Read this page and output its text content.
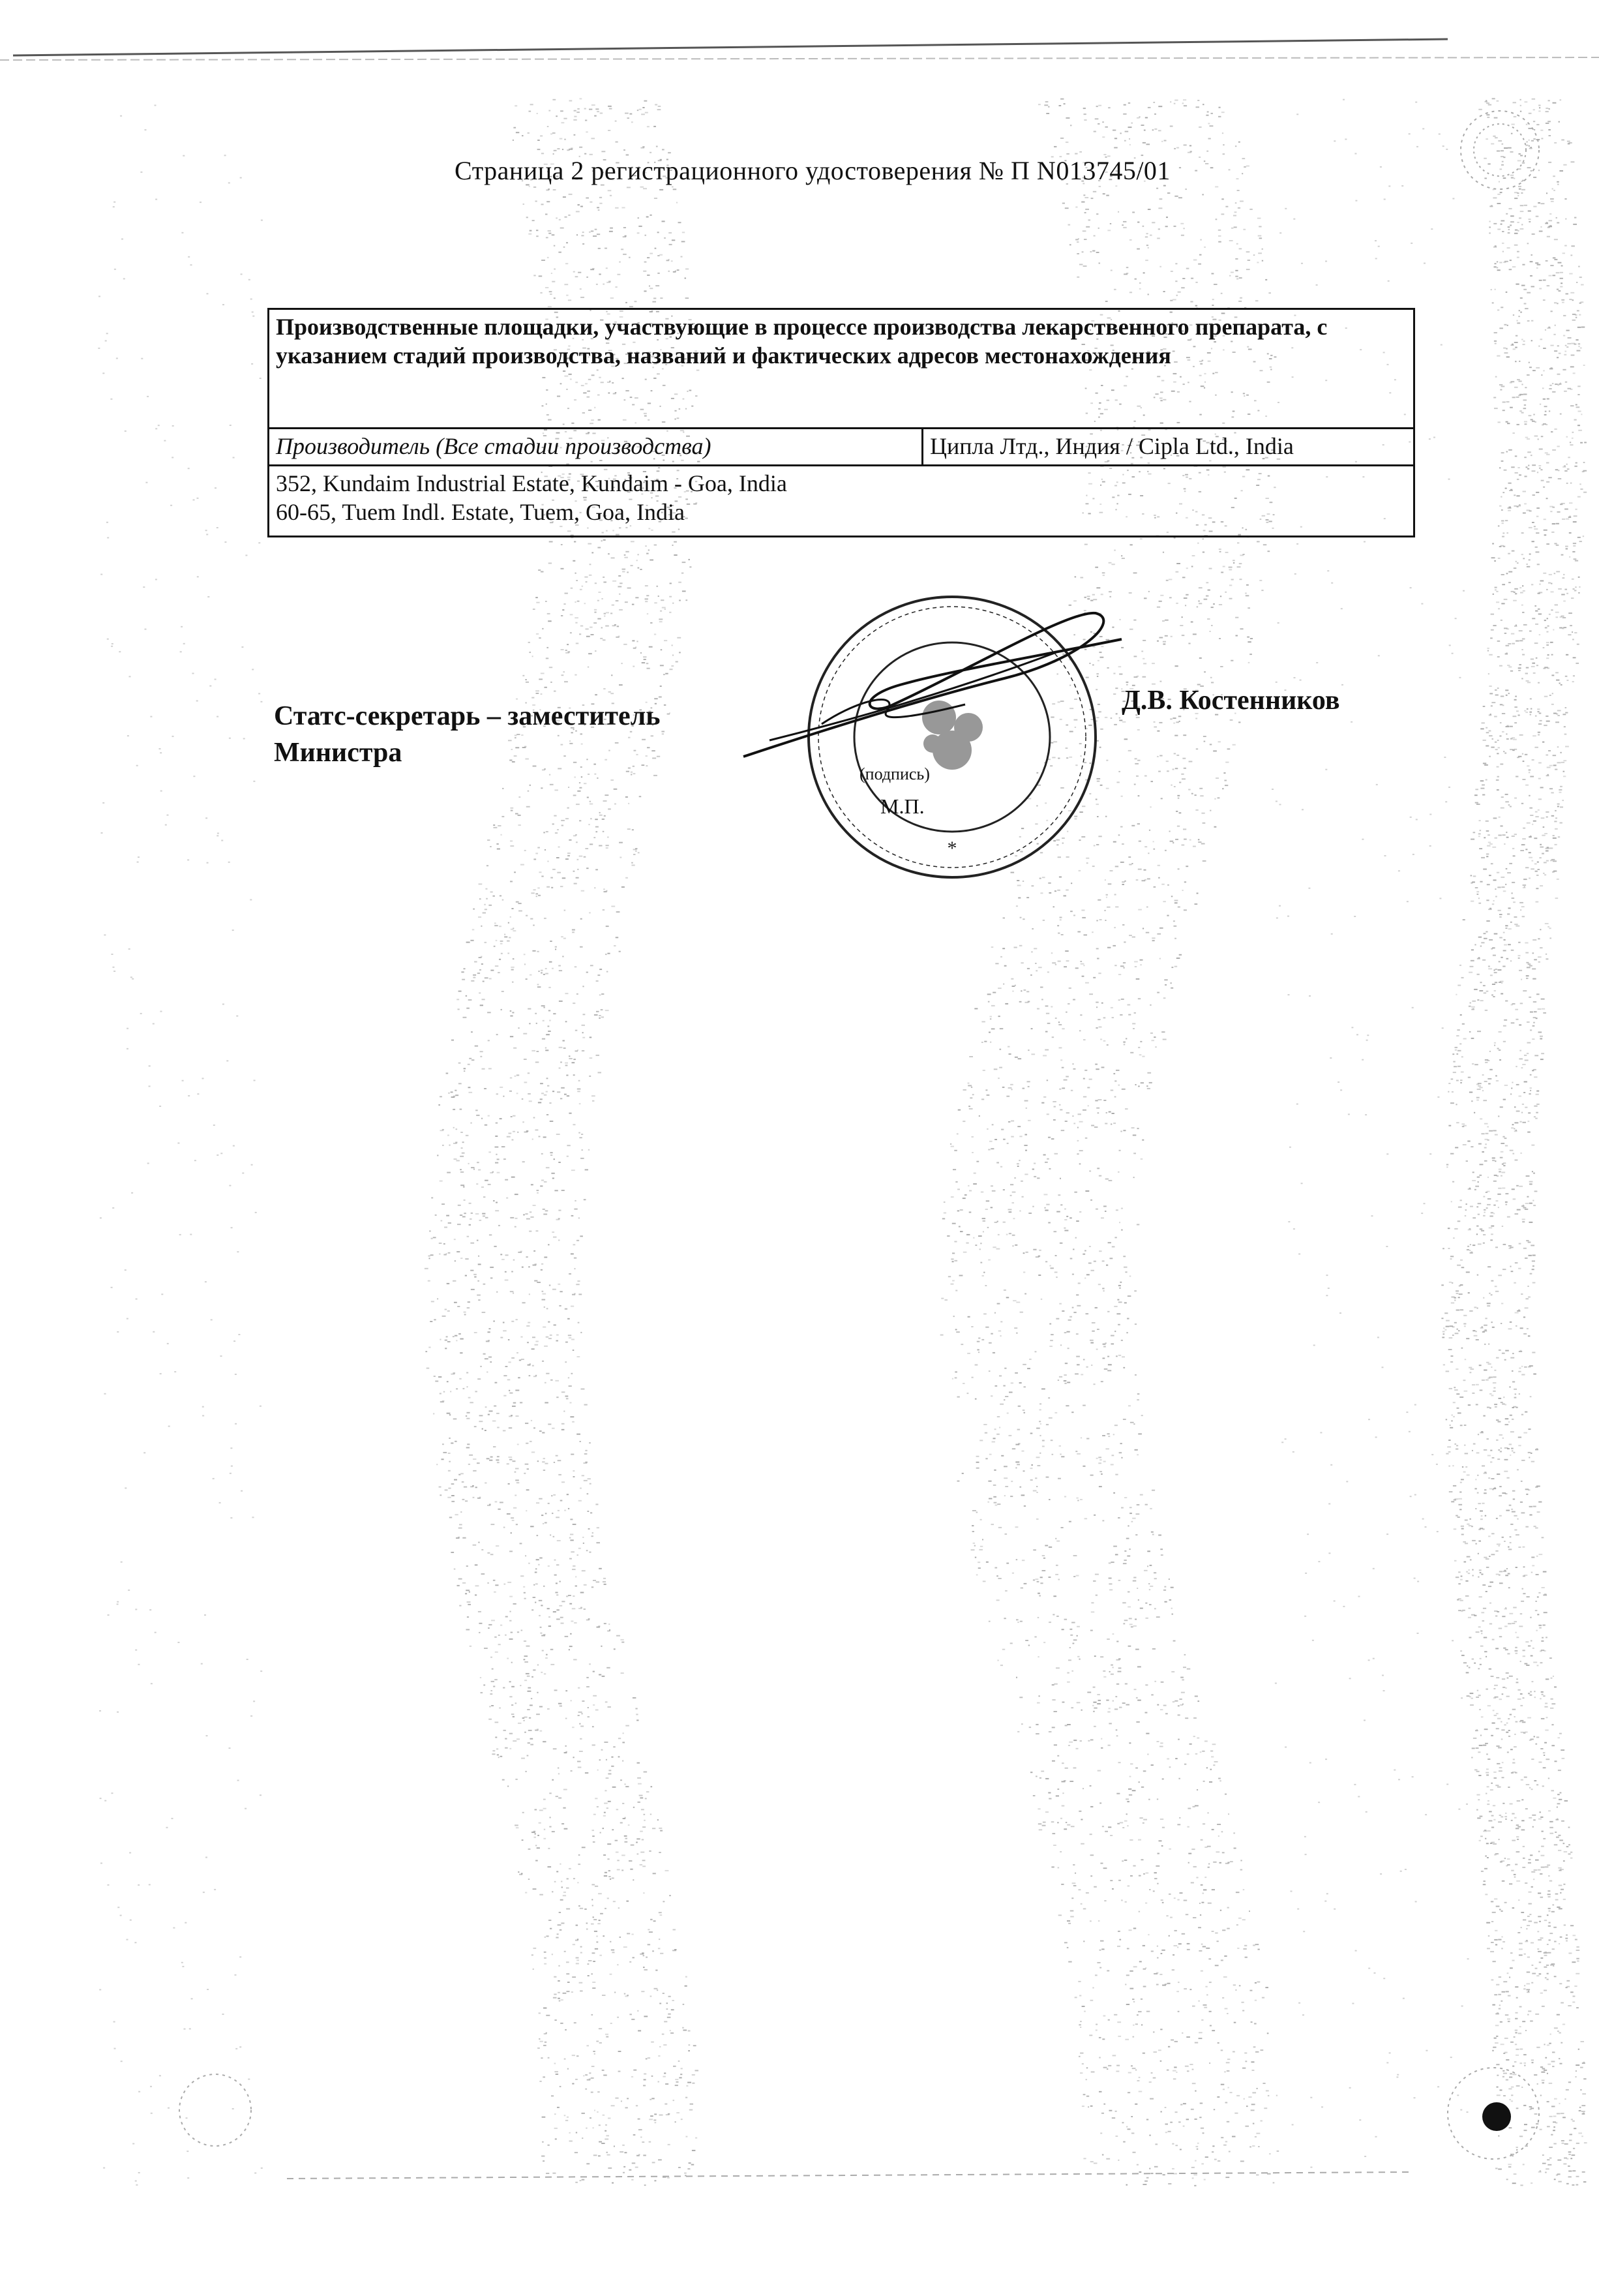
Страница 2 регистрационного удостоверения № П N013745/01
Производственные площадки, участвующие в процессе производства лекарственного препарата, с указанием стадий производства, названий и фактических адресов местонахождения
Производитель (Все стадии производства)	Ципла Лтд., Индия / Cipla Ltd., India

352, Kundaim Industrial Estate, Kundaim - Goa, India
60-65, Tuem Indl. Estate, Tuem, Goa, India
*
Статс-секретарь – заместитель
Министра
(подпись)
М.П.
Д.В. Костенников
